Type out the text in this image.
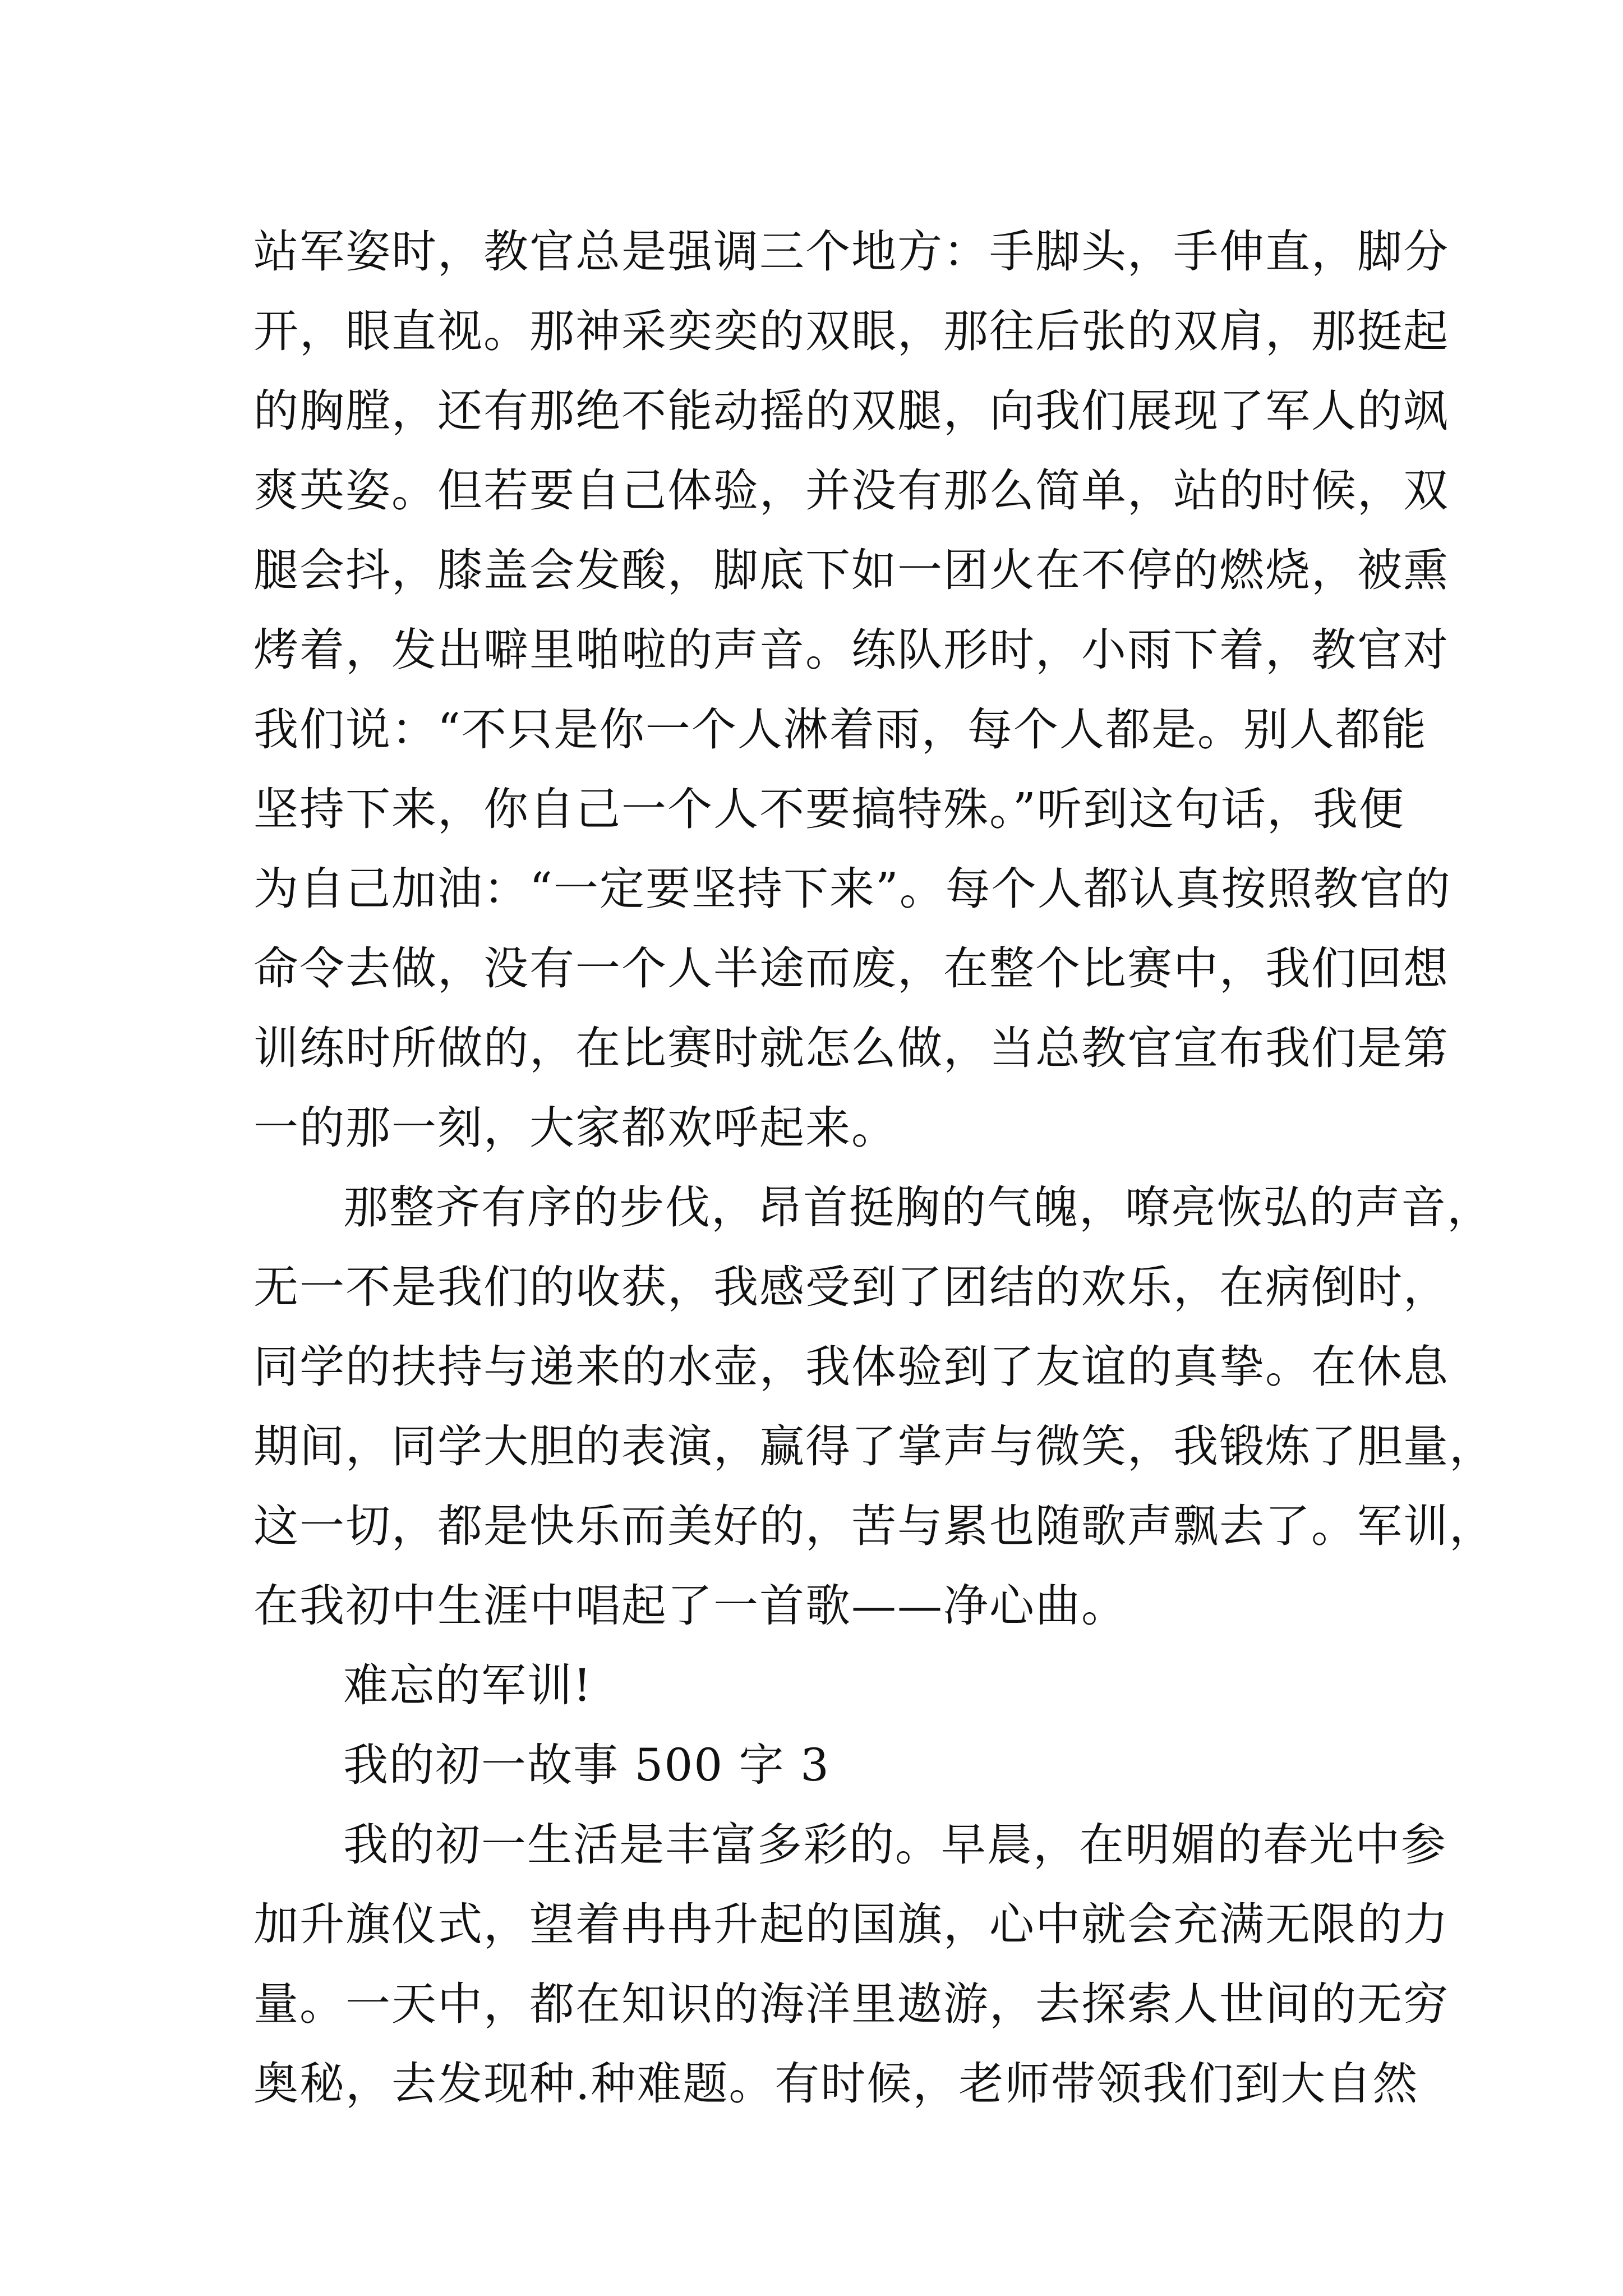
站军姿时，教官总是强调三个地方：手脚头，手伸直，脚分
开，眼直视。那神采奕奕的双眼，那往后张的双肩，那挺起
的胸膛，还有那绝不能动摇的双腿，向我们展现了军人的飒
爽英姿。但若要自己体验，并没有那么简单，站的时候，双
腿会抖，膝盖会发酸，脚底下如一团火在不停的燃烧，被熏
烤着，发出噼里啪啦的声音。练队形时，小雨下着，教官对
我们说：“不只是你一个人淋着雨，每个人都是。别人都能
坚持下来，你自己一个人不要搞特殊。”听到这句话，我便
为自己加油：“一定要坚持下来”。每个人都认真按照教官的
命令去做，没有一个人半途而废，在整个比赛中，我们回想
训练时所做的，在比赛时就怎么做，当总教官宣布我们是第
一的那一刻，大家都欢呼起来。

那整齐有序的步伐，昂首挺胸的气魄，嘹亮恢弘的声音，
无一不是我们的收获，我感受到了团结的欢乐，在病倒时，
同学的扶持与递来的水壶，我体验到了友谊的真挚。在休息
期间，同学大胆的表演，赢得了掌声与微笑，我锻炼了胆量，
这一切，都是快乐而美好的，苦与累也随歌声飘去了。军训，
在我初中生涯中唱起了一首歌——净心曲。

难忘的军训!

我的初一故事 500 字 3

我的初一生活是丰富多彩的。早晨，在明媚的春光中参
加升旗仪式，望着冉冉升起的国旗，心中就会充满无限的力
量。一天中，都在知识的海洋里遨游，去探索人世间的无穷
奥秘，去发现种.种难题。有时候，老师带领我们到大自然
